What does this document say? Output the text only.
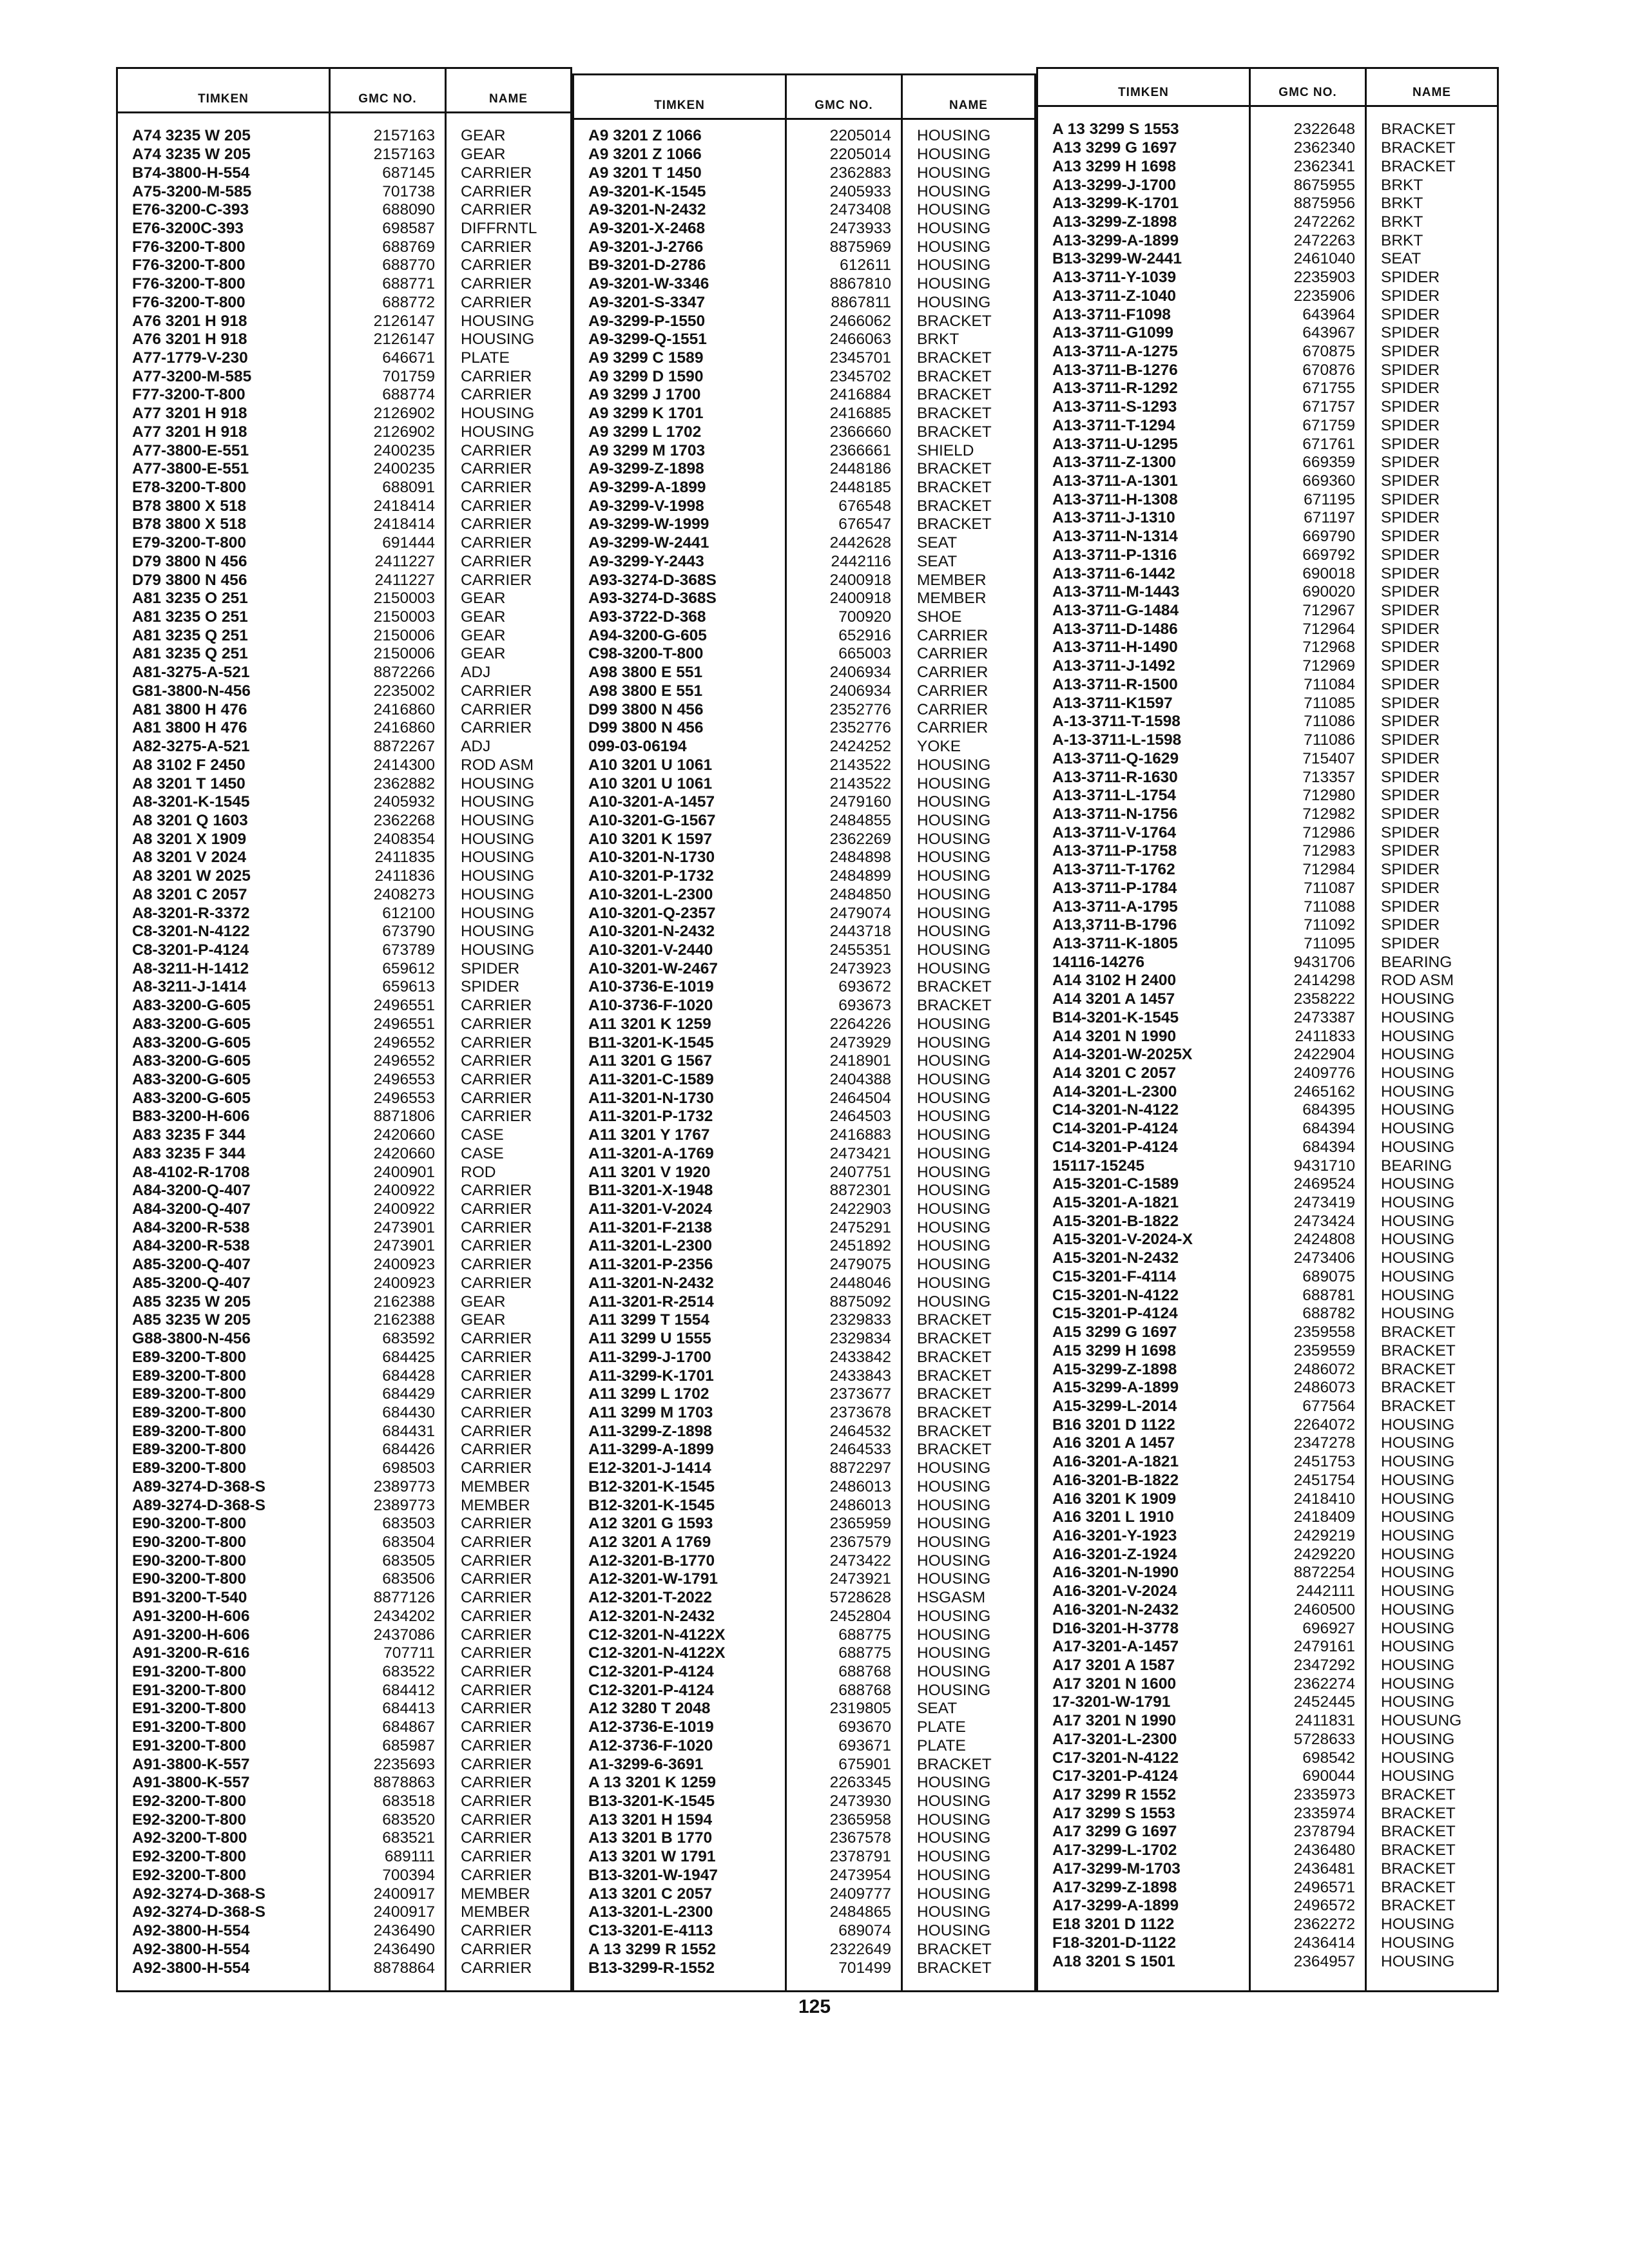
TIMKEN	GMC NO.	NAME
A74 3235 W 205	2157163	GEAR
A74 3235 W 205	2157163	GEAR
B74-3800-H-554	687145	CARRIER
A75-3200-M-585	701738	CARRIER
E76-3200-C-393	688090	CARRIER
E76-3200C-393	698587	DIFFRNTL
F76-3200-T-800	688769	CARRIER
F76-3200-T-800	688770	CARRIER
F76-3200-T-800	688771	CARRIER
F76-3200-T-800	688772	CARRIER
A76 3201 H 918	2126147	HOUSING
A76 3201 H 918	2126147	HOUSING
A77-1779-V-230	646671	PLATE
A77-3200-M-585	701759	CARRIER
F77-3200-T-800	688774	CARRIER
A77 3201 H 918	2126902	HOUSING
A77 3201 H 918	2126902	HOUSING
A77-3800-E-551	2400235	CARRIER
A77-3800-E-551	2400235	CARRIER
E78-3200-T-800	688091	CARRIER
B78 3800 X 518	2418414	CARRIER
B78 3800 X 518	2418414	CARRIER
E79-3200-T-800	691444	CARRIER
D79 3800 N 456	2411227	CARRIER
D79 3800 N 456	2411227	CARRIER
A81 3235 O 251	2150003	GEAR
A81 3235 O 251	2150003	GEAR
A81 3235 Q 251	2150006	GEAR
A81 3235 Q 251	2150006	GEAR
A81-3275-A-521	8872266	ADJ
G81-3800-N-456	2235002	CARRIER
A81 3800 H 476	2416860	CARRIER
A81 3800 H 476	2416860	CARRIER
A82-3275-A-521	8872267	ADJ
A8 3102 F 2450	2414300	ROD ASM
A8 3201 T 1450	2362882	HOUSING
A8-3201-K-1545	2405932	HOUSING
A8 3201 Q 1603	2362268	HOUSING
A8 3201 X 1909	2408354	HOUSING
A8 3201 V 2024	2411835	HOUSING
A8 3201 W 2025	2411836	HOUSING
A8 3201 C 2057	2408273	HOUSING
A8-3201-R-3372	612100	HOUSING
C8-3201-N-4122	673790	HOUSING
C8-3201-P-4124	673789	HOUSING
A8-3211-H-1412	659612	SPIDER
A8-3211-J-1414	659613	SPIDER
A83-3200-G-605	2496551	CARRIER
A83-3200-G-605	2496551	CARRIER
A83-3200-G-605	2496552	CARRIER
A83-3200-G-605	2496552	CARRIER
A83-3200-G-605	2496553	CARRIER
A83-3200-G-605	2496553	CARRIER
B83-3200-H-606	8871806	CARRIER
A83 3235 F 344	2420660	CASE
A83 3235 F 344	2420660	CASE
A8-4102-R-1708	2400901	ROD
A84-3200-Q-407	2400922	CARRIER
A84-3200-Q-407	2400922	CARRIER
A84-3200-R-538	2473901	CARRIER
A84-3200-R-538	2473901	CARRIER
A85-3200-Q-407	2400923	CARRIER
A85-3200-Q-407	2400923	CARRIER
A85 3235 W 205	2162388	GEAR
A85 3235 W 205	2162388	GEAR
G88-3800-N-456	683592	CARRIER
E89-3200-T-800	684425	CARRIER
E89-3200-T-800	684428	CARRIER
E89-3200-T-800	684429	CARRIER
E89-3200-T-800	684430	CARRIER
E89-3200-T-800	684431	CARRIER
E89-3200-T-800	684426	CARRIER
E89-3200-T-800	698503	CARRIER
A89-3274-D-368-S	2389773	MEMBER
A89-3274-D-368-S	2389773	MEMBER
E90-3200-T-800	683503	CARRIER
E90-3200-T-800	683504	CARRIER
E90-3200-T-800	683505	CARRIER
E90-3200-T-800	683506	CARRIER
B91-3200-T-540	8877126	CARRIER
A91-3200-H-606	2434202	CARRIER
A91-3200-H-606	2437086	CARRIER
A91-3200-R-616	707711	CARRIER
E91-3200-T-800	683522	CARRIER
E91-3200-T-800	684412	CARRIER
E91-3200-T-800	684413	CARRIER
E91-3200-T-800	684867	CARRIER
E91-3200-T-800	685987	CARRIER
A91-3800-K-557	2235693	CARRIER
A91-3800-K-557	8878863	CARRIER
E92-3200-T-800	683518	CARRIER
E92-3200-T-800	683520	CARRIER
A92-3200-T-800	683521	CARRIER
E92-3200-T-800	689111	CARRIER
E92-3200-T-800	700394	CARRIER
A92-3274-D-368-S	2400917	MEMBER
A92-3274-D-368-S	2400917	MEMBER
A92-3800-H-554	2436490	CARRIER
A92-3800-H-554	2436490	CARRIER
A92-3800-H-554	8878864	CARRIER
TIMKEN	GMC NO.	NAME
A9 3201 Z 1066	2205014	HOUSING
A9 3201 Z 1066	2205014	HOUSING
A9 3201 T 1450	2362883	HOUSING
A9-3201-K-1545	2405933	HOUSING
A9-3201-N-2432	2473408	HOUSING
A9-3201-X-2468	2473933	HOUSING
A9-3201-J-2766	8875969	HOUSING
B9-3201-D-2786	612611	HOUSING
A9-3201-W-3346	8867810	HOUSING
A9-3201-S-3347	8867811	HOUSING
A9-3299-P-1550	2466062	BRACKET
A9-3299-Q-1551	2466063	BRKT
A9 3299 C 1589	2345701	BRACKET
A9 3299 D 1590	2345702	BRACKET
A9 3299 J 1700	2416884	BRACKET
A9 3299 K 1701	2416885	BRACKET
A9 3299 L 1702	2366660	BRACKET
A9 3299 M 1703	2366661	SHIELD
A9-3299-Z-1898	2448186	BRACKET
A9-3299-A-1899	2448185	BRACKET
A9-3299-V-1998	676548	BRACKET
A9-3299-W-1999	676547	BRACKET
A9-3299-W-2441	2442628	SEAT
A9-3299-Y-2443	2442116	SEAT
A93-3274-D-368S	2400918	MEMBER
A93-3274-D-368S	2400918	MEMBER
A93-3722-D-368	700920	SHOE
A94-3200-G-605	652916	CARRIER
C98-3200-T-800	665003	CARRIER
A98 3800 E 551	2406934	CARRIER
A98 3800 E 551	2406934	CARRIER
D99 3800 N 456	2352776	CARRIER
D99 3800 N 456	2352776	CARRIER
099-03-06194	2424252	YOKE
A10 3201 U 1061	2143522	HOUSING
A10 3201 U 1061	2143522	HOUSING
A10-3201-A-1457	2479160	HOUSING
A10-3201-G-1567	2484855	HOUSING
A10 3201 K 1597	2362269	HOUSING
A10-3201-N-1730	2484898	HOUSING
A10-3201-P-1732	2484899	HOUSING
A10-3201-L-2300	2484850	HOUSING
A10-3201-Q-2357	2479074	HOUSING
A10-3201-N-2432	2443718	HOUSING
A10-3201-V-2440	2455351	HOUSING
A10-3201-W-2467	2473923	HOUSING
A10-3736-E-1019	693672	BRACKET
A10-3736-F-1020	693673	BRACKET
A11 3201 K 1259	2264226	HOUSING
B11-3201-K-1545	2473929	HOUSING
A11 3201 G 1567	2418901	HOUSING
A11-3201-C-1589	2404388	HOUSING
A11-3201-N-1730	2464504	HOUSING
A11-3201-P-1732	2464503	HOUSING
A11 3201 Y 1767	2416883	HOUSING
A11-3201-A-1769	2473421	HOUSING
A11 3201 V 1920	2407751	HOUSING
B11-3201-X-1948	8872301	HOUSING
A11-3201-V-2024	2422903	HOUSING
A11-3201-F-2138	2475291	HOUSING
A11-3201-L-2300	2451892	HOUSING
A11-3201-P-2356	2479075	HOUSING
A11-3201-N-2432	2448046	HOUSING
A11-3201-R-2514	8875092	HOUSING
A11 3299 T 1554	2329833	BRACKET
A11 3299 U 1555	2329834	BRACKET
A11-3299-J-1700	2433842	BRACKET
A11-3299-K-1701	2433843	BRACKET
A11 3299 L 1702	2373677	BRACKET
A11 3299 M 1703	2373678	BRACKET
A11-3299-Z-1898	2464532	BRACKET
A11-3299-A-1899	2464533	BRACKET
E12-3201-J-1414	8872297	HOUSING
B12-3201-K-1545	2486013	HOUSING
B12-3201-K-1545	2486013	HOUSING
A12 3201 G 1593	2365959	HOUSING
A12 3201 A 1769	2367579	HOUSING
A12-3201-B-1770	2473422	HOUSING
A12-3201-W-1791	2473921	HOUSING
A12-3201-T-2022	5728628	HSGASM
A12-3201-N-2432	2452804	HOUSING
C12-3201-N-4122X	688775	HOUSING
C12-3201-N-4122X	688775	HOUSING
C12-3201-P-4124	688768	HOUSING
C12-3201-P-4124	688768	HOUSING
A12 3280 T 2048	2319805	SEAT
A12-3736-E-1019	693670	PLATE
A12-3736-F-1020	693671	PLATE
A1-3299-6-3691	675901	BRACKET
A 13 3201 K 1259	2263345	HOUSING
B13-3201-K-1545	2473930	HOUSING
A13 3201 H 1594	2365958	HOUSING
A13 3201 B 1770	2367578	HOUSING
A13 3201 W 1791	2378791	HOUSING
B13-3201-W-1947	2473954	HOUSING
A13 3201 C 2057	2409777	HOUSING
A13-3201-L-2300	2484865	HOUSING
C13-3201-E-4113	689074	HOUSING
A 13 3299 R 1552	2322649	BRACKET
B13-3299-R-1552	701499	BRACKET
TIMKEN	GMC NO.	NAME
A 13 3299 S 1553	2322648	BRACKET
A13 3299 G 1697	2362340	BRACKET
A13 3299 H 1698	2362341	BRACKET
A13-3299-J-1700	8675955	BRKT
A13-3299-K-1701	8875956	BRKT
A13-3299-Z-1898	2472262	BRKT
A13-3299-A-1899	2472263	BRKT
B13-3299-W-2441	2461040	SEAT
A13-3711-Y-1039	2235903	SPIDER
A13-3711-Z-1040	2235906	SPIDER
A13-3711-F1098	643964	SPIDER
A13-3711-G1099	643967	SPIDER
A13-3711-A-1275	670875	SPIDER
A13-3711-B-1276	670876	SPIDER
A13-3711-R-1292	671755	SPIDER
A13-3711-S-1293	671757	SPIDER
A13-3711-T-1294	671759	SPIDER
A13-3711-U-1295	671761	SPIDER
A13-3711-Z-1300	669359	SPIDER
A13-3711-A-1301	669360	SPIDER
A13-3711-H-1308	671195	SPIDER
A13-3711-J-1310	671197	SPIDER
A13-3711-N-1314	669790	SPIDER
A13-3711-P-1316	669792	SPIDER
A13-3711-6-1442	690018	SPIDER
A13-3711-M-1443	690020	SPIDER
A13-3711-G-1484	712967	SPIDER
A13-3711-D-1486	712964	SPIDER
A13-3711-H-1490	712968	SPIDER
A13-3711-J-1492	712969	SPIDER
A13-3711-R-1500	711084	SPIDER
A13-3711-K1597	711085	SPIDER
A-13-3711-T-1598	711086	SPIDER
A-13-3711-L-1598	711086	SPIDER
A13-3711-Q-1629	715407	SPIDER
A13-3711-R-1630	713357	SPIDER
A13-3711-L-1754	712980	SPIDER
A13-3711-N-1756	712982	SPIDER
A13-3711-V-1764	712986	SPIDER
A13-3711-P-1758	712983	SPIDER
A13-3711-T-1762	712984	SPIDER
A13-3711-P-1784	711087	SPIDER
A13-3711-A-1795	711088	SPIDER
A13,3711-B-1796	711092	SPIDER
A13-3711-K-1805	711095	SPIDER
14116-14276	9431706	BEARING
A14 3102 H 2400	2414298	ROD ASM
A14 3201 A 1457	2358222	HOUSING
B14-3201-K-1545	2473387	HOUSING
A14 3201 N 1990	2411833	HOUSING
A14-3201-W-2025X	2422904	HOUSING
A14 3201 C 2057	2409776	HOUSING
A14-3201-L-2300	2465162	HOUSING
C14-3201-N-4122	684395	HOUSING
C14-3201-P-4124	684394	HOUSING
C14-3201-P-4124	684394	HOUSING
15117-15245	9431710	BEARING
A15-3201-C-1589	2469524	HOUSING
A15-3201-A-1821	2473419	HOUSING
A15-3201-B-1822	2473424	HOUSING
A15-3201-V-2024-X	2424808	HOUSING
A15-3201-N-2432	2473406	HOUSING
C15-3201-F-4114	689075	HOUSING
C15-3201-N-4122	688781	HOUSING
C15-3201-P-4124	688782	HOUSING
A15 3299 G 1697	2359558	BRACKET
A15 3299 H 1698	2359559	BRACKET
A15-3299-Z-1898	2486072	BRACKET
A15-3299-A-1899	2486073	BRACKET
A15-3299-L-2014	677564	BRACKET
B16 3201 D 1122	2264072	HOUSING
A16 3201 A 1457	2347278	HOUSING
A16-3201-A-1821	2451753	HOUSING
A16-3201-B-1822	2451754	HOUSING
A16 3201 K 1909	2418410	HOUSING
A16 3201 L 1910	2418409	HOUSING
A16-3201-Y-1923	2429219	HOUSING
A16-3201-Z-1924	2429220	HOUSING
A16-3201-N-1990	8872254	HOUSING
A16-3201-V-2024	2442111	HOUSING
A16-3201-N-2432	2460500	HOUSING
D16-3201-H-3778	696927	HOUSING
A17-3201-A-1457	2479161	HOUSING
A17 3201 A 1587	2347292	HOUSING
A17 3201 N 1600	2362274	HOUSING
17-3201-W-1791	2452445	HOUSING
A17 3201 N 1990	2411831	HOUSUNG
A17-3201-L-2300	5728633	HOUSING
C17-3201-N-4122	698542	HOUSING
C17-3201-P-4124	690044	HOUSING
A17 3299 R 1552	2335973	BRACKET
A17 3299 S 1553	2335974	BRACKET
A17 3299 G 1697	2378794	BRACKET
A17-3299-L-1702	2436480	BRACKET
A17-3299-M-1703	2436481	BRACKET
A17-3299-Z-1898	2496571	BRACKET
A17-3299-A-1899	2496572	BRACKET
E18 3201 D 1122	2362272	HOUSING
F18-3201-D-1122	2436414	HOUSING
A18 3201 S 1501	2364957	HOUSING
125
